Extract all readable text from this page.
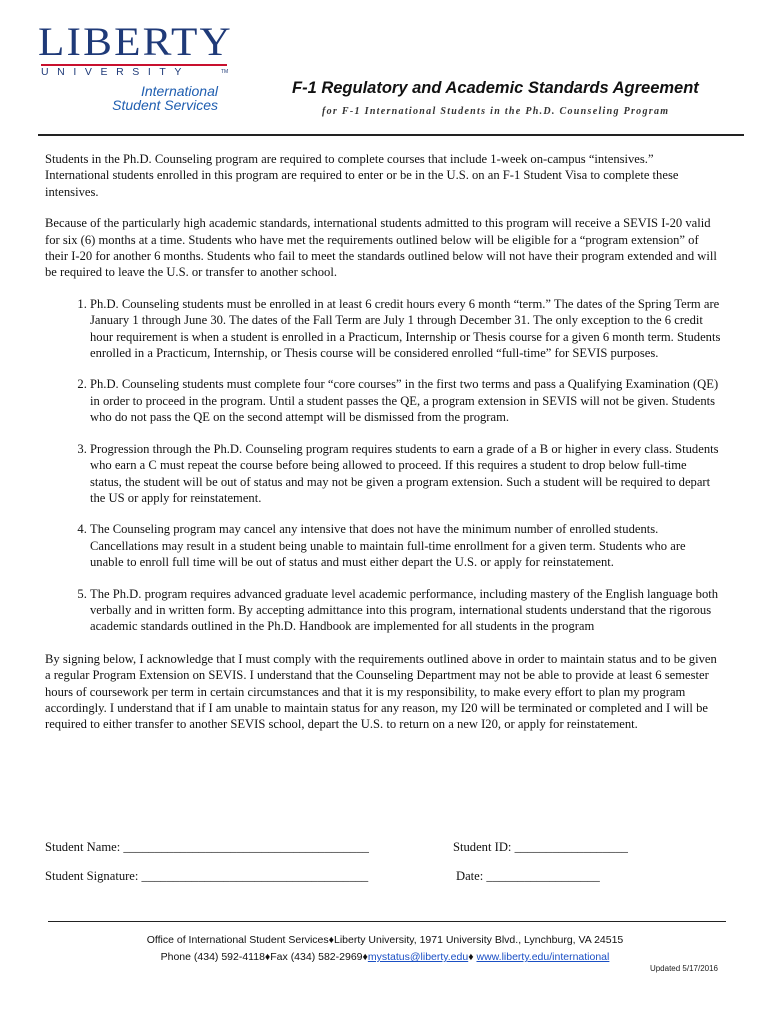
LIBERTY
UNIVERSITY	TM
International
Student Services
F-1 Regulatory and Academic Standards Agreement
for F-1 International Students in the Ph.D. Counseling Program

Students in the Ph.D. Counseling program are required to complete courses that include 1-week on-campus “intensives.” International students enrolled in this program are required to enter or be in the U.S. on an F-1 Student Visa to complete these intensives.

Because of the particularly high academic standards, international students admitted to this program will receive a SEVIS I-20 valid for six (6) months at a time. Students who have met the requirements outlined below will be eligible for a “program extension” of their I-20 for another 6 months. Students who fail to meet the standards outlined below will not have their program extended and will be required to leave the U.S. or transfer to another school.

1. Ph.D. Counseling students must be enrolled in at least 6 credit hours every 6 month “term.” The dates of the Spring Term are January 1 through June 30. The dates of the Fall Term are July 1 through December 31. The only exception to the 6 credit hour requirement is when a student is enrolled in a Practicum, Internship or Thesis course for a given 6 month term. Students enrolled in a Practicum, Internship, or Thesis course will be considered enrolled “full-time” for SEVIS purposes.
2. Ph.D. Counseling students must complete four “core courses” in the first two terms and pass a Qualifying Examination (QE) in order to proceed in the program. Until a student passes the QE, a program extension in SEVIS will not be given. Students who do not pass the QE on the second attempt will be dismissed from the program.
3. Progression through the Ph.D. Counseling program requires students to earn a grade of a B or higher in every class. Students who earn a C must repeat the course before being allowed to proceed. If this requires a student to drop below full-time status, the student will be out of status and may not be given a program extension. Such a student will be required to depart the US or apply for reinstatement.
4. The Counseling program may cancel any intensive that does not have the minimum number of enrolled students. Cancellations may result in a student being unable to maintain full-time enrollment for a given term. Students who are unable to enroll full time will be out of status and must either depart the U.S. or apply for reinstatement.
5. The Ph.D. program requires advanced graduate level academic performance, including mastery of the English language both verbally and in written form. By accepting admittance into this program, international students understand that the rigorous academic standards outlined in the Ph.D. Handbook are implemented for all students in the program

By signing below, I acknowledge that I must comply with the requirements outlined above in order to maintain status and to be given a regular Program Extension on SEVIS. I understand that the Counseling Department may not be able to provide at least 6 semester hours of coursework per term in certain circumstances and that it is my responsibility, to make every effort to plan my program accordingly. I understand that if I am unable to maintain status for any reason, my I20 will be terminated or completed and I will be required to either transfer to another SEVIS school, depart the U.S. to return on a new I20, or apply for reinstatement.

Student Name: _______________________________________	Student ID: __________________
Student Signature: ____________________________________	Date: __________________
Office of International Student Services♦Liberty University, 1971 University Blvd., Lynchburg, VA 24515
Phone (434) 592-4118♦Fax (434) 582-2969♦mystatus@liberty.edu♦ www.liberty.edu/international
Updated 5/17/2016
